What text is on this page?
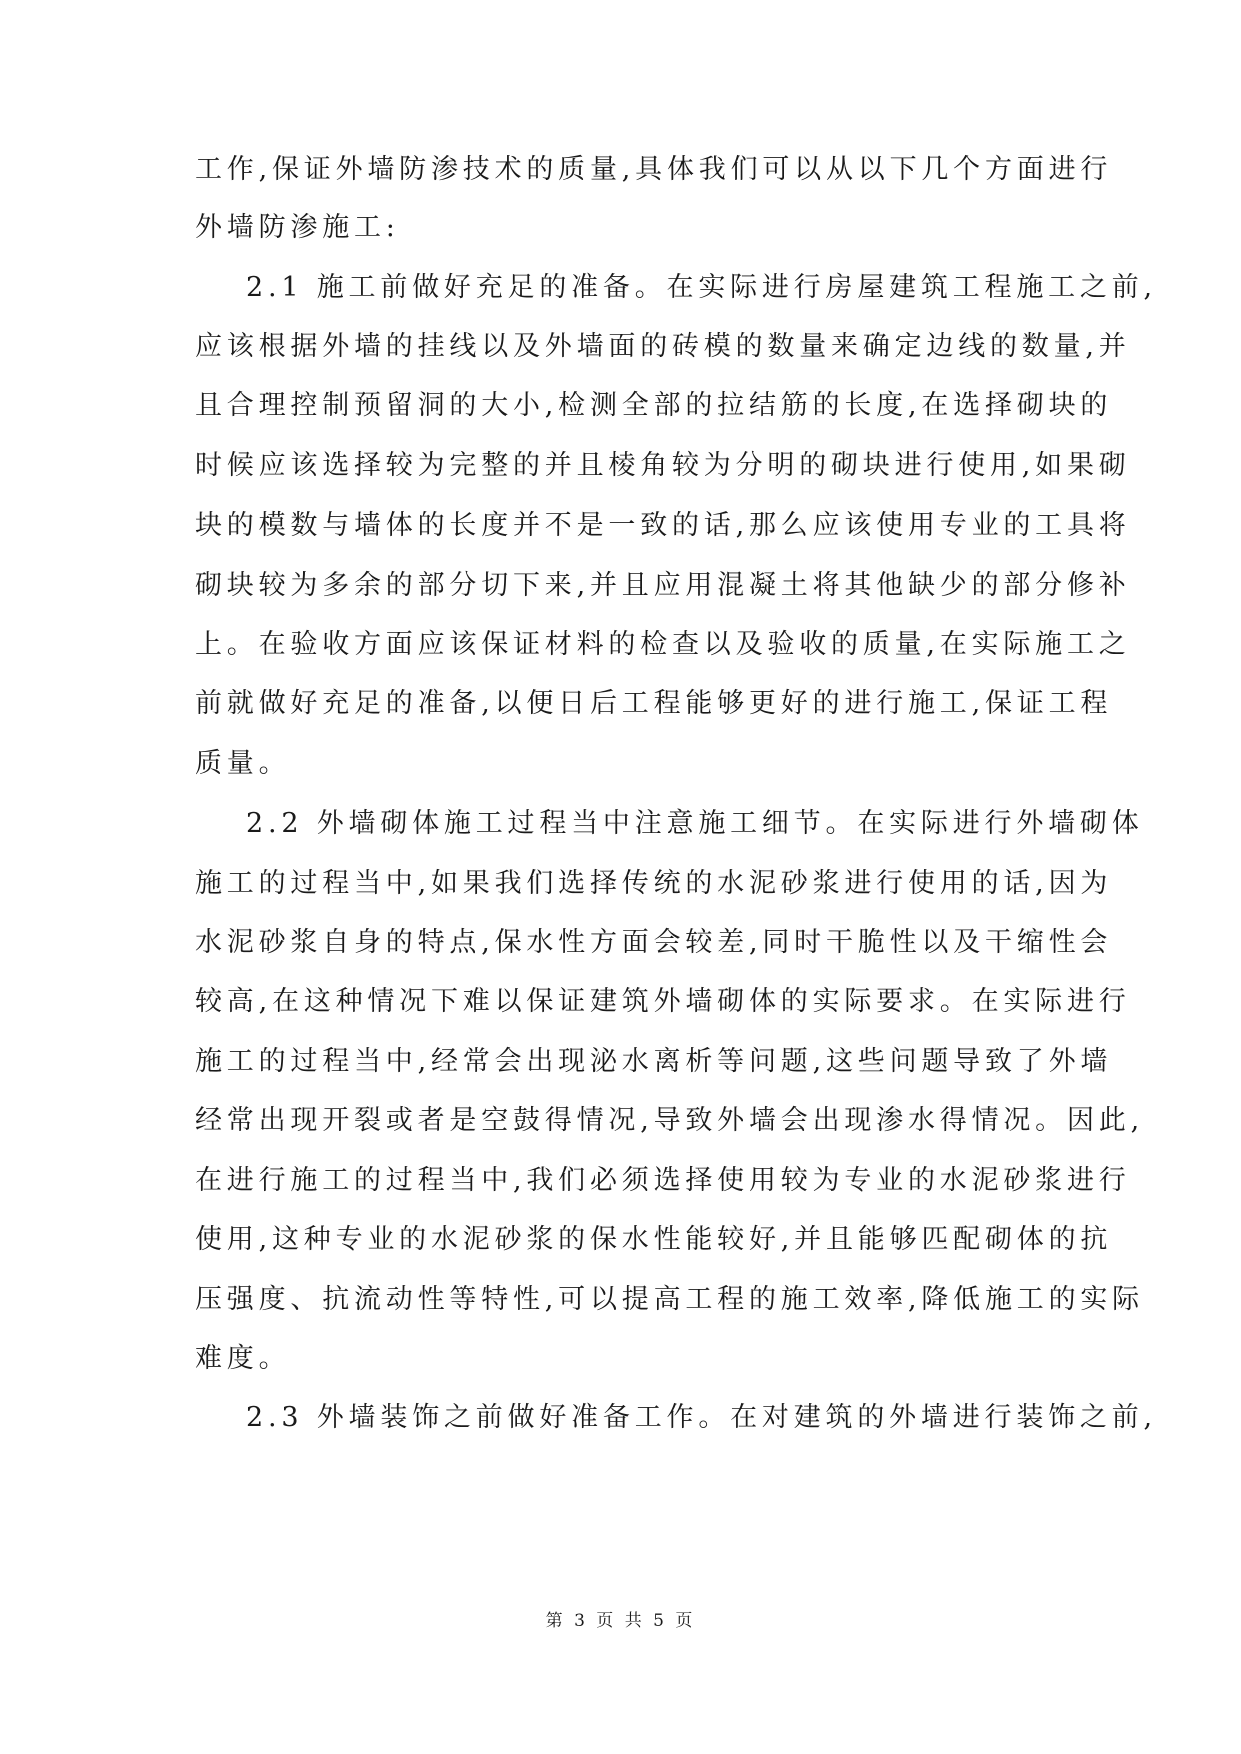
工作,保证外墙防渗技术的质量,具体我们可以从以下几个方面进行
外墙防渗施工:
2.1 施工前做好充足的准备。在实际进行房屋建筑工程施工之前,
应该根据外墙的挂线以及外墙面的砖模的数量来确定边线的数量,并
且合理控制预留洞的大小,检测全部的拉结筋的长度,在选择砌块的
时候应该选择较为完整的并且棱角较为分明的砌块进行使用,如果砌
块的模数与墙体的长度并不是一致的话,那么应该使用专业的工具将
砌块较为多余的部分切下来,并且应用混凝土将其他缺少的部分修补
上。在验收方面应该保证材料的检查以及验收的质量,在实际施工之
前就做好充足的准备,以便日后工程能够更好的进行施工,保证工程
质量。
2.2 外墙砌体施工过程当中注意施工细节。在实际进行外墙砌体
施工的过程当中,如果我们选择传统的水泥砂浆进行使用的话,因为
水泥砂浆自身的特点,保水性方面会较差,同时干脆性以及干缩性会
较高,在这种情况下难以保证建筑外墙砌体的实际要求。在实际进行
施工的过程当中,经常会出现泌水离析等问题,这些问题导致了外墙
经常出现开裂或者是空鼓得情况,导致外墙会出现渗水得情况。因此,
在进行施工的过程当中,我们必须选择使用较为专业的水泥砂浆进行
使用,这种专业的水泥砂浆的保水性能较好,并且能够匹配砌体的抗
压强度、抗流动性等特性,可以提高工程的施工效率,降低施工的实际
难度。
2.3 外墙装饰之前做好准备工作。在对建筑的外墙进行装饰之前,
第 3 页 共 5 页
